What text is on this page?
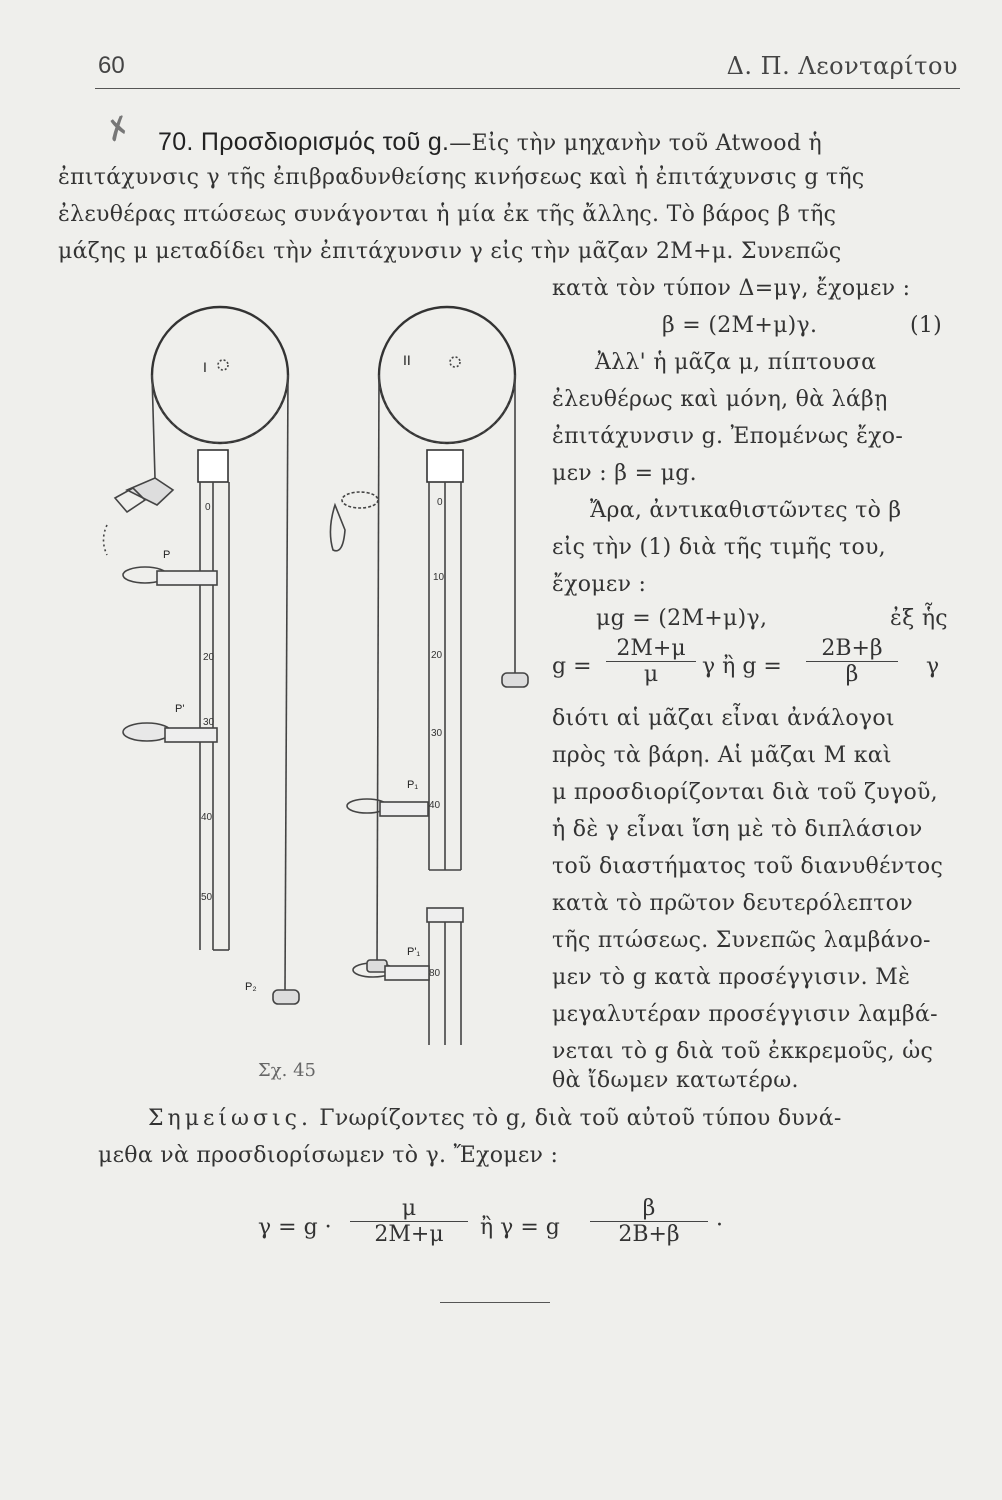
60	Δ. Π. Λεονταρίτου
✗ 70. Προσδιορισμός τοῦ g.—Εἰς τὴν μηχανὴν τοῦ Atwood ἡ
ἐπιτάχυνσις γ τῆς ἐπιβραδυνθείσης κινήσεως καὶ ἡ ἐπιτάχυνσις g τῆς
ἐλευθέρας πτώσεως συνάγονται ἡ μία ἐκ τῆς ἄλλης. Τὸ βάρος β τῆς
μάζης μ μεταδίδει τὴν ἐπιτάχυνσιν γ εἰς τὴν μᾶζαν 2Μ+μ. Συνεπῶς
κατὰ τὸν τύπον Δ=μγ, ἔχομεν :
β = (2Μ+μ)γ.	(1)
Ἀλλ' ἡ μᾶζα μ, πίπτουσα
ἐλευθέρως καὶ μόνη, θὰ λάβῃ
ἐπιτάχυνσιν g. Ἐπομένως ἔχο-
μεν : β = μg.
Ἄρα, ἀντικαθιστῶντες τὸ β
εἰς τὴν (1) διὰ τῆς τιμῆς του,
ἔχομεν :
μg = (2Μ+μ)γ,	ἐξ ἧς
$g = \frac{2M+\mu}{\mu}$ γ ἢ $g = \frac{2B+\beta}{\beta}$ γ
διότι αἱ μᾶζαι εἶναι ἀνάλογοι
πρὸς τὰ βάρη. Αἱ μᾶζαι Μ καὶ
μ προσδιορίζονται διὰ τοῦ ζυγοῦ,
ἡ δὲ γ εἶναι ἴση μὲ τὸ διπλάσιον
τοῦ διαστήματος τοῦ διανυθέντος
κατὰ τὸ πρῶτον δευτερόλεπτον
τῆς πτώσεως. Συνεπῶς λαμβάνο-
μεν τὸ g κατὰ προσέγγισιν. Μὲ
μεγαλυτέραν προσέγγισιν λαμβά-
νεται τὸ g διὰ τοῦ ἐκκρεμοῦς, ὡς
θὰ ἴδωμεν κατωτέρω.
Σχ. 45
Σημείωσις. Γνωρίζοντες τὸ g, διὰ τοῦ αὐτοῦ τύπου δυνά-
μεθα νὰ προσδιορίσωμεν τὸ γ. Ἔχομεν :
$\gamma = g \cdot \frac{\mu}{2M+\mu}$ ἢ γ = g $\frac{\beta}{2B+\beta}$ ·
I
0
20
30
40
50
P
P'
P₂
II
0
10
20
30
40
80
P₁
P'₁
